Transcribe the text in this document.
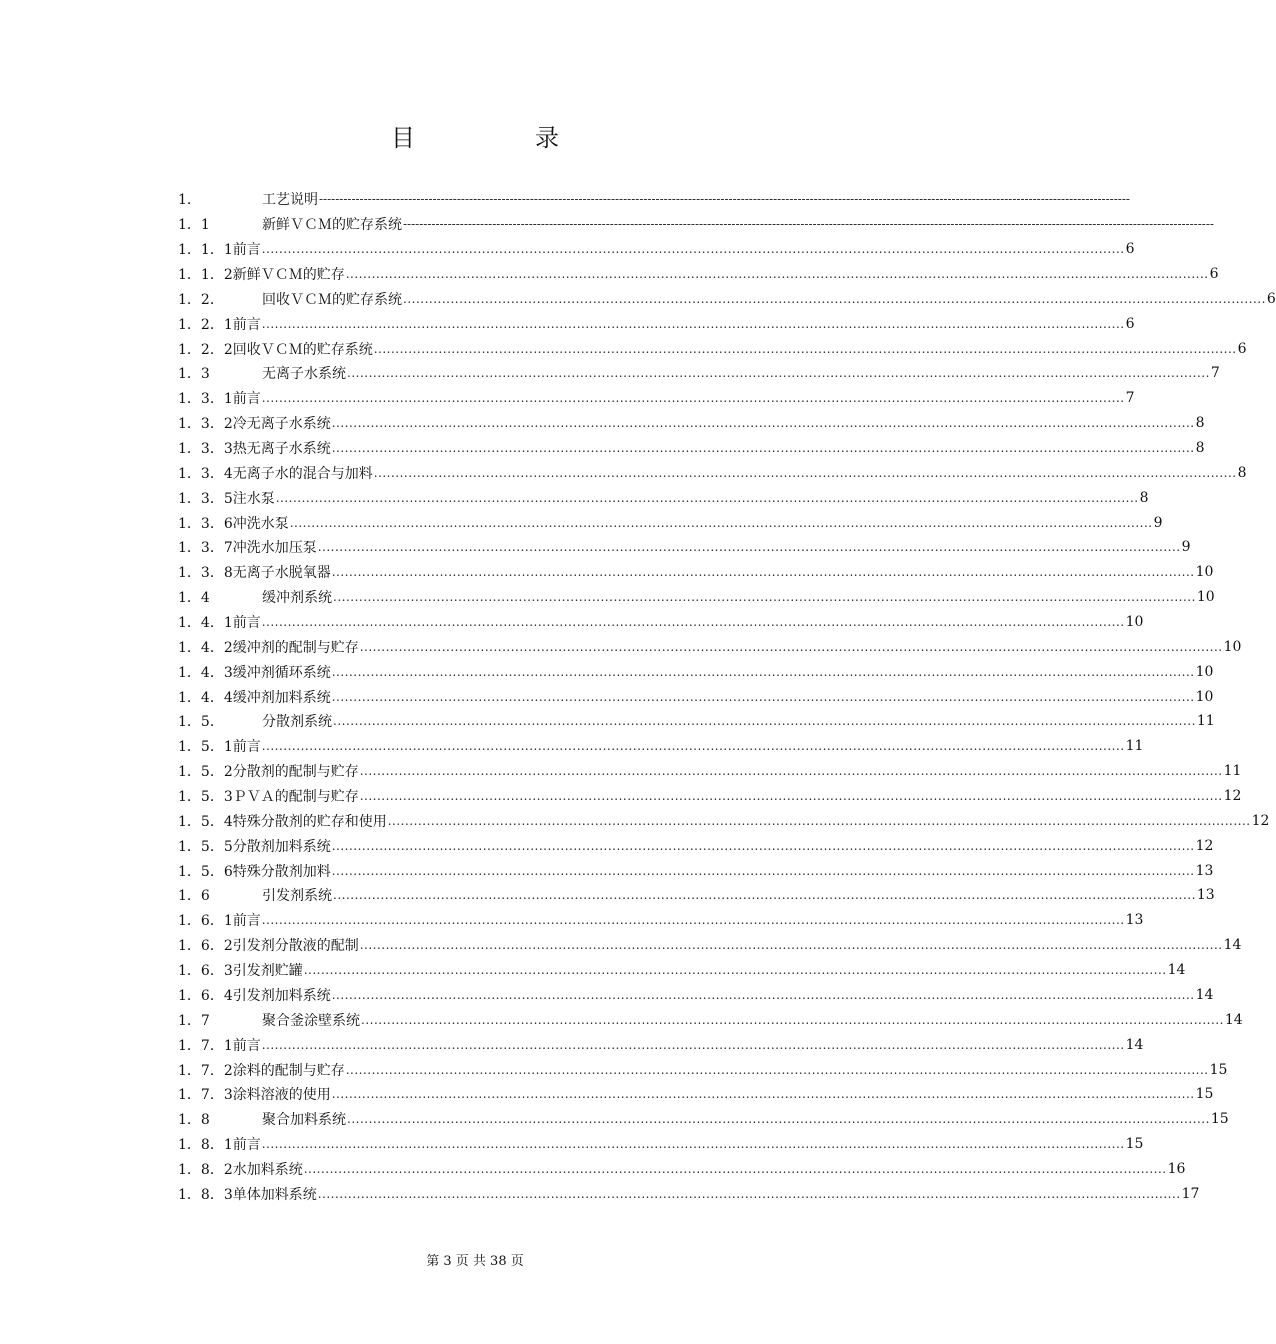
目　录
1．	工艺说明 --------------------------------------------------------------------------------------------------------------------------------------------------------------------------------------------------------
1．1	新鲜ＶＣＭ的贮存系统 --------------------------------------------------------------------------------------------------------------------------------------------------------------------------------------------------------
1．1．1 前言 ........................................................................................................................................................................................................ 6
1．1．2 新鲜ＶＣＭ的贮存 ........................................................................................................................................................................................................ 6
1．2．	回收ＶＣＭ的贮存系统 ........................................................................................................................................................................................................ 6
1．2．1 前言 ........................................................................................................................................................................................................ 6
1．2．2 回收ＶＣＭ的贮存系统 ........................................................................................................................................................................................................ 6
1．3	无离子水系统 ........................................................................................................................................................................................................ 7
1．3．1 前言 ........................................................................................................................................................................................................ 7
1．3．2 冷无离子水系统 ........................................................................................................................................................................................................ 8
1．3．3 热无离子水系统 ........................................................................................................................................................................................................ 8
1．3．4 无离子水的混合与加料 ........................................................................................................................................................................................................ 8
1．3．5 注水泵 ........................................................................................................................................................................................................ 8
1．3．6 冲洗水泵 ........................................................................................................................................................................................................ 9
1．3．7 冲洗水加压泵 ........................................................................................................................................................................................................ 9
1．3．8 无离子水脱氧器 ........................................................................................................................................................................................................ 10
1．4	缓冲剂系统 ........................................................................................................................................................................................................ 10
1．4．1 前言 ........................................................................................................................................................................................................ 10
1．4．2 缓冲剂的配制与贮存 ........................................................................................................................................................................................................ 10
1．4．3 缓冲剂循环系统 ........................................................................................................................................................................................................ 10
1．4．4 缓冲剂加料系统 ........................................................................................................................................................................................................ 10
1．5．	分散剂系统 ........................................................................................................................................................................................................ 11
1．5．1 前言 ........................................................................................................................................................................................................ 11
1．5．2 分散剂的配制与贮存 ........................................................................................................................................................................................................ 11
1．5．3 ＰＶＡ的配制与贮存 ........................................................................................................................................................................................................ 12
1．5．4 特殊分散剂的贮存和使用 ........................................................................................................................................................................................................ 12
1．5．5 分散剂加料系统 ........................................................................................................................................................................................................ 12
1．5．6 特殊分散剂加料 ........................................................................................................................................................................................................ 13
1．6	引发剂系统 ........................................................................................................................................................................................................ 13
1．6．1 前言 ........................................................................................................................................................................................................ 13
1．6．2 引发剂分散液的配制 ........................................................................................................................................................................................................ 14
1．6．3 引发剂贮罐 ........................................................................................................................................................................................................ 14
1．6．4 引发剂加料系统 ........................................................................................................................................................................................................ 14
1．7	聚合釜涂壁系统 ........................................................................................................................................................................................................ 14
1．7．1 前言 ........................................................................................................................................................................................................ 14
1．7．2 涂料的配制与贮存 ........................................................................................................................................................................................................ 15
1．7．3 涂料溶液的使用 ........................................................................................................................................................................................................ 15
1．8	聚合加料系统 ........................................................................................................................................................................................................ 15
1．8．1 前言 ........................................................................................................................................................................................................ 15
1．8．2 水加料系统 ........................................................................................................................................................................................................ 16
1．8．3 单体加料系统 ........................................................................................................................................................................................................ 17
第 3 页 共 38 页
